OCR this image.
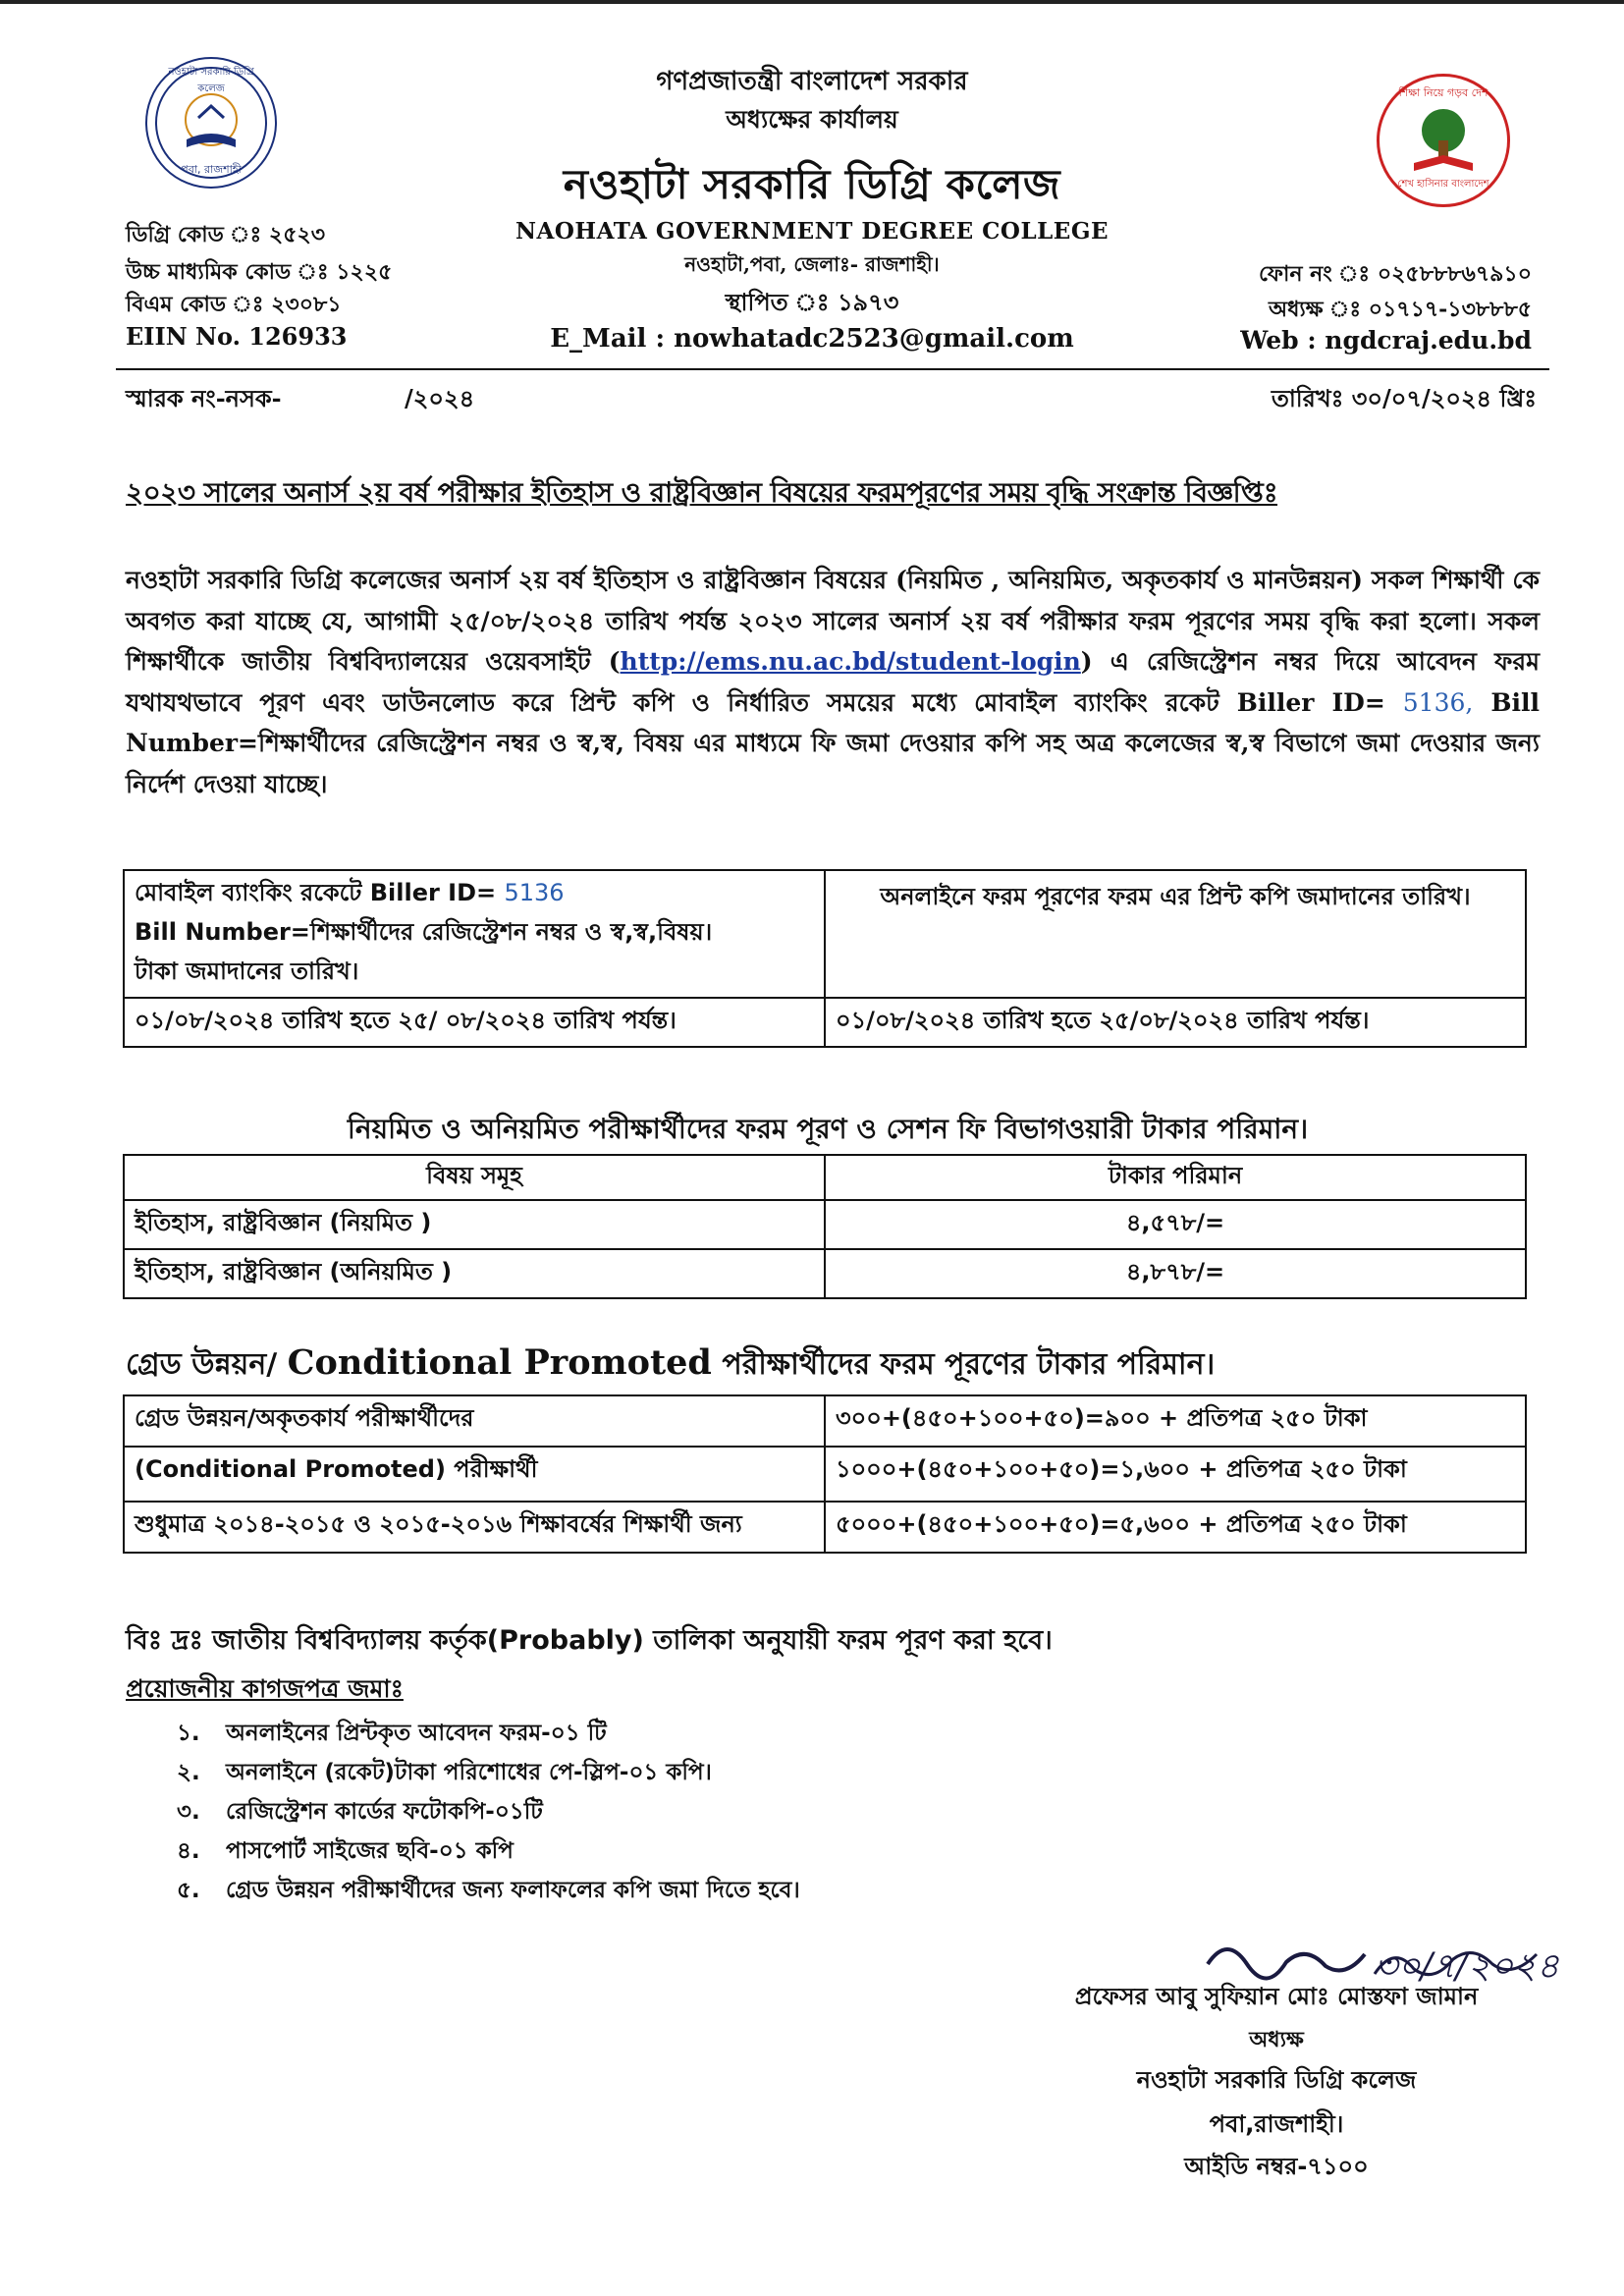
নওহাটা সরকারি ডিগ্রি কলেজ
পবা, রাজশাহী
শিক্ষা নিয়ে গড়ব দেশ
শেখ হাসিনার বাংলাদেশ
গণপ্রজাতন্ত্রী বাংলাদেশ সরকার
অধ্যক্ষের কার্যালয়
নওহাটা সরকারি ডিগ্রি কলেজ
NAOHATA GOVERNMENT DEGREE COLLEGE
নওহাটা,পবা, জেলাঃ- রাজশাহী।
স্থাপিত ঃ ১৯৭৩
E_Mail : nowhatadc2523@gmail.com
ডিগ্রি কোড ঃ ২৫২৩
উচ্চ মাধ্যমিক কোড ঃ ১২২৫
বিএম কোড ঃ ২৩০৮১
EIIN No. 126933
ফোন নং ঃ ০২৫৮৮৮৬৭৯১০
অধ্যক্ষ ঃ ০১৭১৭-১৩৮৮৮৫
Web : ngdcraj.edu.bd
স্মারক নং-নসক-	/২০২৪	তারিখঃ ৩০/০৭/২০২৪ খ্রিঃ
২০২৩ সালের অনার্স ২য় বর্ষ পরীক্ষার ইতিহাস ও রাষ্ট্রবিজ্ঞান বিষয়ের ফরমপূরণের সময় বৃদ্ধি সংক্রান্ত বিজ্ঞপ্তিঃ
নওহাটা সরকারি ডিগ্রি কলেজের অনার্স ২য় বর্ষ ইতিহাস ও রাষ্ট্রবিজ্ঞান বিষয়ের (নিয়মিত , অনিয়মিত, অকৃতকার্য ও মানউন্নয়ন) সকল শিক্ষার্থী কে অবগত করা যাচ্ছে যে, আগামী ২৫/০৮/২০২৪ তারিখ পর্যন্ত ২০২৩ সালের অনার্স ২য় বর্ষ পরীক্ষার ফরম পূরণের সময় বৃদ্ধি করা হলো। সকল শিক্ষার্থীকে জাতীয় বিশ্ববিদ্যালয়ের ওয়েবসাইট (http://ems.nu.ac.bd/student-login) এ রেজিস্ট্রেশন নম্বর দিয়ে আবেদন ফরম যথাযথভাবে পূরণ এবং ডাউনলোড করে প্রিন্ট কপি ও নির্ধারিত সময়ের মধ্যে মোবাইল ব্যাংকিং রকেট Biller ID= 5136, Bill Number=শিক্ষার্থীদের রেজিস্ট্রেশন নম্বর ও স্ব,স্ব, বিষয় এর মাধ্যমে ফি জমা দেওয়ার কপি সহ অত্র কলেজের স্ব,স্ব বিভাগে জমা দেওয়ার জন্য নির্দেশ দেওয়া যাচ্ছে।
মোবাইল ব্যাংকিং রকেটে Biller ID= 5136
Bill Number=শিক্ষার্থীদের রেজিস্ট্রেশন নম্বর ও স্ব,স্ব,বিষয়।
টাকা জমাদানের তারিখ।	অনলাইনে ফরম পূরণের ফরম এর প্রিন্ট কপি জমাদানের তারিখ।
০১/০৮/২০২৪ তারিখ হতে ২৫/ ০৮/২০২৪ তারিখ পর্যন্ত।	০১/০৮/২০২৪ তারিখ হতে ২৫/০৮/২০২৪ তারিখ পর্যন্ত।
নিয়মিত ও অনিয়মিত পরীক্ষার্থীদের ফরম পূরণ ও সেশন ফি বিভাগওয়ারী টাকার পরিমান।
বিষয় সমূহ	টাকার পরিমান
ইতিহাস, রাষ্ট্রবিজ্ঞান (নিয়মিত )	৪,৫৭৮/=
ইতিহাস, রাষ্ট্রবিজ্ঞান (অনিয়মিত )	৪,৮৭৮/=
গ্রেড উন্নয়ন/ Conditional Promoted পরীক্ষার্থীদের ফরম পূরণের টাকার পরিমান।
গ্রেড উন্নয়ন/অকৃতকার্য পরীক্ষার্থীদের	৩০০+(৪৫০+১০০+৫০)=৯০০ + প্রতিপত্র ২৫০ টাকা
(Conditional Promoted) পরীক্ষার্থী	১০০০+(৪৫০+১০০+৫০)=১,৬০০ + প্রতিপত্র ২৫০ টাকা
শুধুমাত্র ২০১৪-২০১৫ ও ২০১৫-২০১৬ শিক্ষাবর্ষের শিক্ষার্থী জন্য	৫০০০+(৪৫০+১০০+৫০)=৫,৬০০ + প্রতিপত্র ২৫০ টাকা
বিঃ দ্রঃ জাতীয় বিশ্ববিদ্যালয় কর্তৃক(Probably) তালিকা অনুযায়ী ফরম পূরণ করা হবে।
প্রয়োজনীয় কাগজপত্র জমাঃ
১. অনলাইনের প্রিন্টকৃত আবেদন ফরম-০১ টি
২. অনলাইনে (রকেট)টাকা পরিশোধের পে-স্লিপ-০১ কপি।
৩. রেজিস্ট্রেশন কার্ডের ফটোকপি-০১টি
৪. পাসপোর্ট সাইজের ছবি-০১ কপি
৫. গ্রেড উন্নয়ন পরীক্ষার্থীদের জন্য ফলাফলের কপি জমা দিতে হবে।
৩০/৭/২০২৪
প্রফেসর আবু সুফিয়ান মোঃ মোস্তফা জামান
অধ্যক্ষ
নওহাটা সরকারি ডিগ্রি কলেজ
পবা,রাজশাহী।
আইডি নম্বর-৭১০০
